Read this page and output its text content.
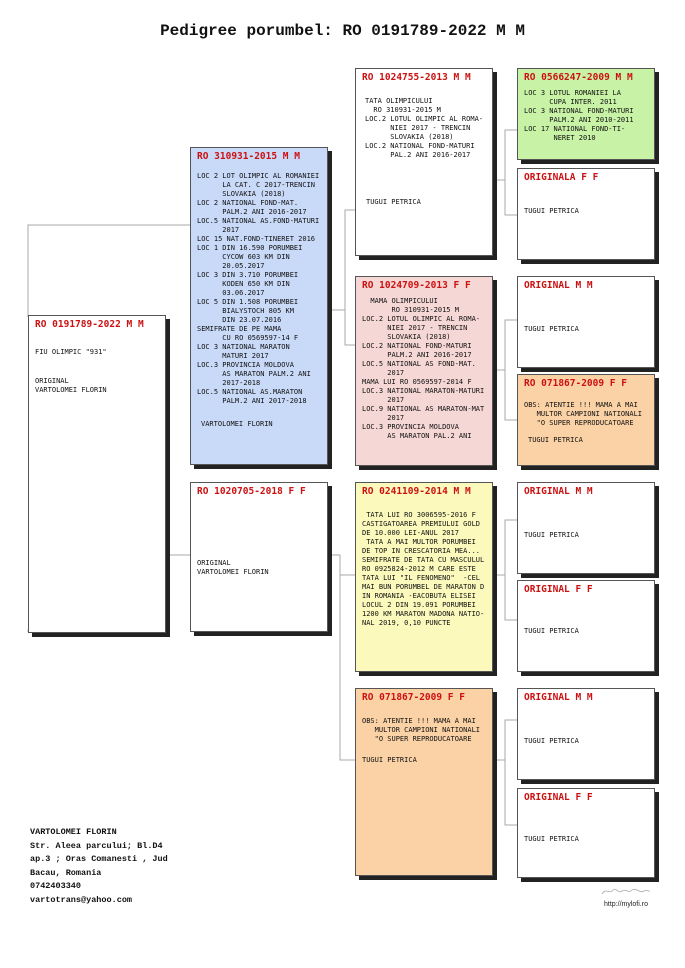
Pedigree porumbel: RO 0191789-2022 M M
RO 0191789-2022 M M
FIU OLIMPIC "931"
ORIGINAL
VARTOLOMEI FLORIN
RO 310931-2015 M M
LOC 2 LOT OLIMPIC AL ROMANIEI
LA CAT. C 2017-TRENCIN
SLOVAKIA (2018)
LOC 2 NATIONAL FOND-MAT.
PALM.2 ANI 2016-2017
LOC.5 NATIONAL AS.FOND-MATURI
2017
LOC 15 NAT.FOND-TINERET 2016
LOC 1 DIN 16.590 PORUMBEI
CYCOW 603 KM DIN
20.05.2017
LOC 3 DIN 3.710 PORUMBEI
KODEN 650 KM DIN
03.06.2017
LOC 5 DIN 1.508 PORUMBEI
BIALYSTOCH 805 KM
DIN 23.07.2016
SEMIFRATE DE PE MAMA
CU RO 0569597-14 F
LOC 3 NATIONAL MARATON
MATURI 2017
LOC.3 PROVINCIA MOLDOVA
AS MARATON PALM.2 ANI
2017-2018
LOC.5 NATIONAL AS.MARATON
PALM.2 ANI 2017-2018
VARTOLOMEI FLORIN
RO 1020705-2018 F F
ORIGINAL
VARTOLOMEI FLORIN
RO 1024755-2013 M M
TATA OLIMPICULUI
RO 310931-2015 M
LOC.2 LOTUL OLIMPIC AL ROMA-
NIEI 2017 - TRENCIN
SLOVAKIA (2018)
LOC.2 NATIONAL FOND-MATURI
PAL.2 ANI 2016-2017
TUGUI PETRICA
RO 1024709-2013 F F
MAMA OLIMPICULUI
RO 310931-2015 M
LOC.2 LOTUL OLIMPIC AL ROMA-
NIEI 2017 - TRENCIN
SLOVAKIA (2018)
LOC.2 NATIONAL FOND-MATURI
PALM.2 ANI 2016-2017
LOC.5 NATIONAL AS FOND-MAT.
2017
MAMA LUI RO 0569597-2014 F
LOC.3 NATIONAL MARATON-MATURI
2017
LOC.9 NATIONAL AS MARATON-MAT
2017
LOC.3 PROVINCIA MOLDOVA
AS MARATON PAL.2 ANI
RO 0241109-2014 M M
TATA LUI RO 3006595-2016 F
CASTIGATOAREA PREMIULUI GOLD
DE 10.000 LEI-ANUL 2017
TATA A MAI MULTOR PORUMBEI
DE TOP IN CRESCATORIA MEA...
SEMIFRATE DE TATA CU MASCULUL
RO 0925824-2012 M CARE ESTE
TATA LUI "IL FENOMENO"  -CEL
MAI BUN PORUMBEL DE MARATON D
IN ROMANIA -EACOBUTA ELISEI
LOCUL 2 DIN 19.091 PORUMBEI
1200 KM MARATON MADONA NATIO-
NAL 2019, 0,10 PUNCTE
RO 071867-2009 F F
OBS: ATENTIE !!! MAMA A MAI
MULTOR CAMPIONI NATIONALI
"O SUPER REPRODUCATOARE
TUGUI PETRICA
RO 0566247-2009 M M
LOC 3 LOTUL ROMANIEI LA
CUPA INTER. 2011
LOC 3 NATIONAL FOND-MATURI
PALM.2 ANI 2010-2011
LOC 17 NATIONAL FOND-TI-
NERET 2010
ORIGINALA F F
TUGUI PETRICA
ORIGINAL M M
TUGUI PETRICA
RO 071867-2009 F F
OBS: ATENTIE !!! MAMA A MAI
MULTOR CAMPIONI NATIONALI
"O SUPER REPRODUCATOARE
TUGUI PETRICA
ORIGINAL M M
TUGUI PETRICA
ORIGINAL F F
TUGUI PETRICA
ORIGINAL M M
TUGUI PETRICA
ORIGINAL F F
TUGUI PETRICA
VARTOLOMEI FLORIN
Str. Aleea parcului; Bl.D4
ap.3 ; Oras Comanesti , Jud
Bacau, Romania
0742403340
vartotrans@yahoo.com	http://mylofi.ro
